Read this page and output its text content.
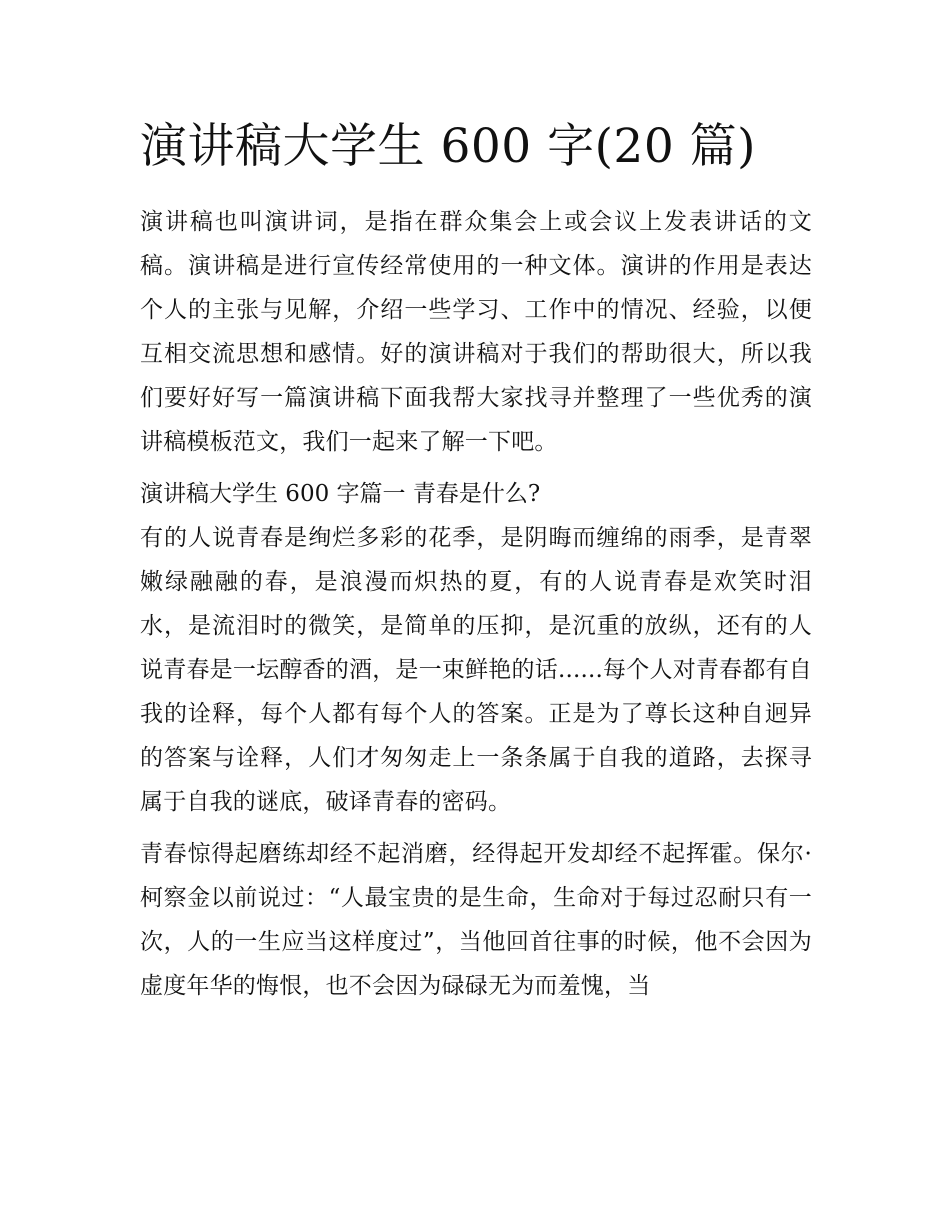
演讲稿大学生 600 字(20 篇)

演讲稿也叫演讲词，是指在群众集会上或会议上发表讲话的文稿。演讲稿是进行宣传经常使用的一种文体。演讲的作用是表达个人的主张与见解，介绍一些学习、工作中的情况、经验，以便互相交流思想和感情。好的演讲稿对于我们的帮助很大，所以我们要好好写一篇演讲稿下面我帮大家找寻并整理了一些优秀的演讲稿模板范文，我们一起来了解一下吧。

演讲稿大学生 600 字篇一 青春是什么?

有的人说青春是绚烂多彩的花季，是阴晦而缠绵的雨季，是青翠嫩绿融融的春，是浪漫而炽热的夏，有的人说青春是欢笑时泪水，是流泪时的微笑，是简单的压抑，是沉重的放纵，还有的人说青春是一坛醇香的酒，是一束鲜艳的话......每个人对青春都有自我的诠释，每个人都有每个人的答案。正是为了尊长这种自迥异的答案与诠释，人们才匆匆走上一条条属于自我的道路，去探寻属于自我的谜底，破译青春的密码。

青春惊得起磨练却经不起消磨，经得起开发却经不起挥霍。保尔·柯察金以前说过：“人最宝贵的是生命，生命对于每过忍耐只有一次，人的一生应当这样度过”，当他回首往事的时候，他不会因为虚度年华的悔恨，也不会因为碌碌无为而羞愧，当
